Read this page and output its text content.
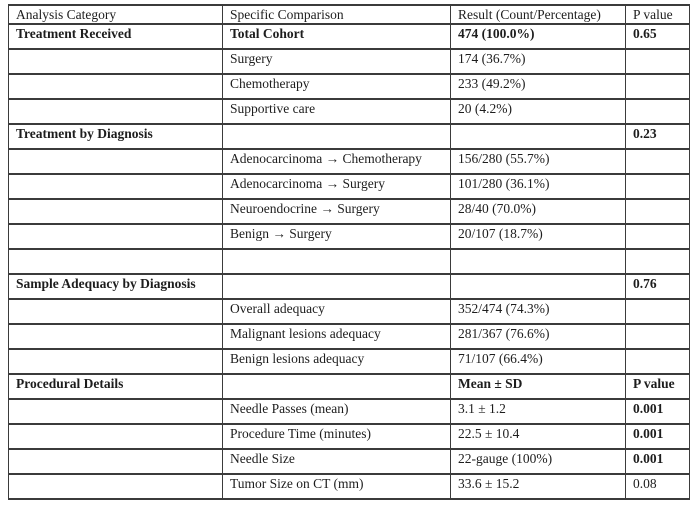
Analysis Category	Specific Comparison	Result (Count/Percentage)	P value
Treatment Received	Total Cohort	474 (100.0%)	0.65
	Surgery	174 (36.7%)	
	Chemotherapy	233 (49.2%)	
	Supportive care	20 (4.2%)	
Treatment by Diagnosis			0.23
	Adenocarcinoma → Chemotherapy	156/280 (55.7%)	
	Adenocarcinoma → Surgery	101/280 (36.1%)	
	Neuroendocrine → Surgery	28/40 (70.0%)	
	Benign → Surgery	20/107 (18.7%)	

Sample Adequacy by Diagnosis			0.76
	Overall adequacy	352/474 (74.3%)	
	Malignant lesions adequacy	281/367 (76.6%)	
	Benign lesions adequacy	71/107 (66.4%)	
Procedural Details		Mean ± SD	P value
	Needle Passes (mean)	3.1 ± 1.2	0.001
	Procedure Time (minutes)	22.5 ± 10.4	0.001
	Needle Size	22-gauge (100%)	0.001
	Tumor Size on CT (mm)	33.6 ± 15.2	0.08
